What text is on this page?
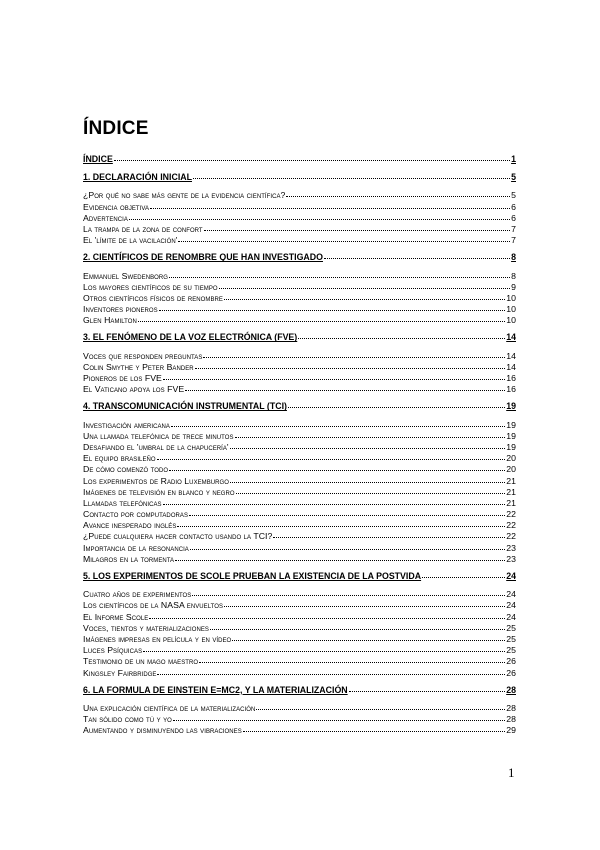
ÍNDICE
ÍNDICE	1
1. DECLARACIÓN INICIAL	5
¿Por qué no sabe más gente de la evidencia científica?	5
Evidencia objetiva	6
Advertencia	6
La trampa de la zona de confort	7
El 'límite de la vacilación'	7
2. CIENTÍFICOS DE RENOMBRE QUE HAN INVESTIGADO	8
Emmanuel Swedenborg	8
Los mayores científicos de su tiempo	9
Otros científicos físicos de renombre	10
Inventores pioneros	10
Glen Hamilton	10
3. EL FENÓMENO DE LA VOZ ELECTRÓNICA (FVE)	14
Voces que responden preguntas	14
Colin Smythe y Peter Bander	14
Pioneros de los FVE	16
El Vaticano apoya los FVE	16
4. TRANSCOMUNICACIÓN INSTRUMENTAL (TCI)	19
Investigación americana	19
Una llamada telefónica de trece minutos	19
Desafiando el 'umbral de la chapucería'	19
El equipo brasileño	20
De cómo comenzó todo	20
Los experimentos de Radio Luxemburgo	21
Imágenes de televisión en blanco y negro	21
Llamadas telefónicas	21
Contacto por computadoras	22
Avance inesperado inglés	22
¿Puede cualquiera hacer contacto usando la TCI?	22
Importancia de la resonancia	23
Milagros en la tormenta	23
5. LOS EXPERIMENTOS DE SCOLE PRUEBAN LA EXISTENCIA DE LA POSTVIDA	24
Cuatro años de experimentos	24
Los científicos de la NASA envueltos	24
El Informe Scole	24
Voces, tientos y materializaciones	25
Imágenes impresas en película y en vídeo	25
Luces Psíquicas	25
Testimonio de un mago maestro	26
Kingsley Fairbridge	26
6. LA FORMULA DE EINSTEIN E=MC2, Y LA MATERIALIZACIÓN	28
Una explicación científica de la materialización	28
Tan sólido como tú y yo	28
Aumentando y disminuyendo las vibraciones	29
1
